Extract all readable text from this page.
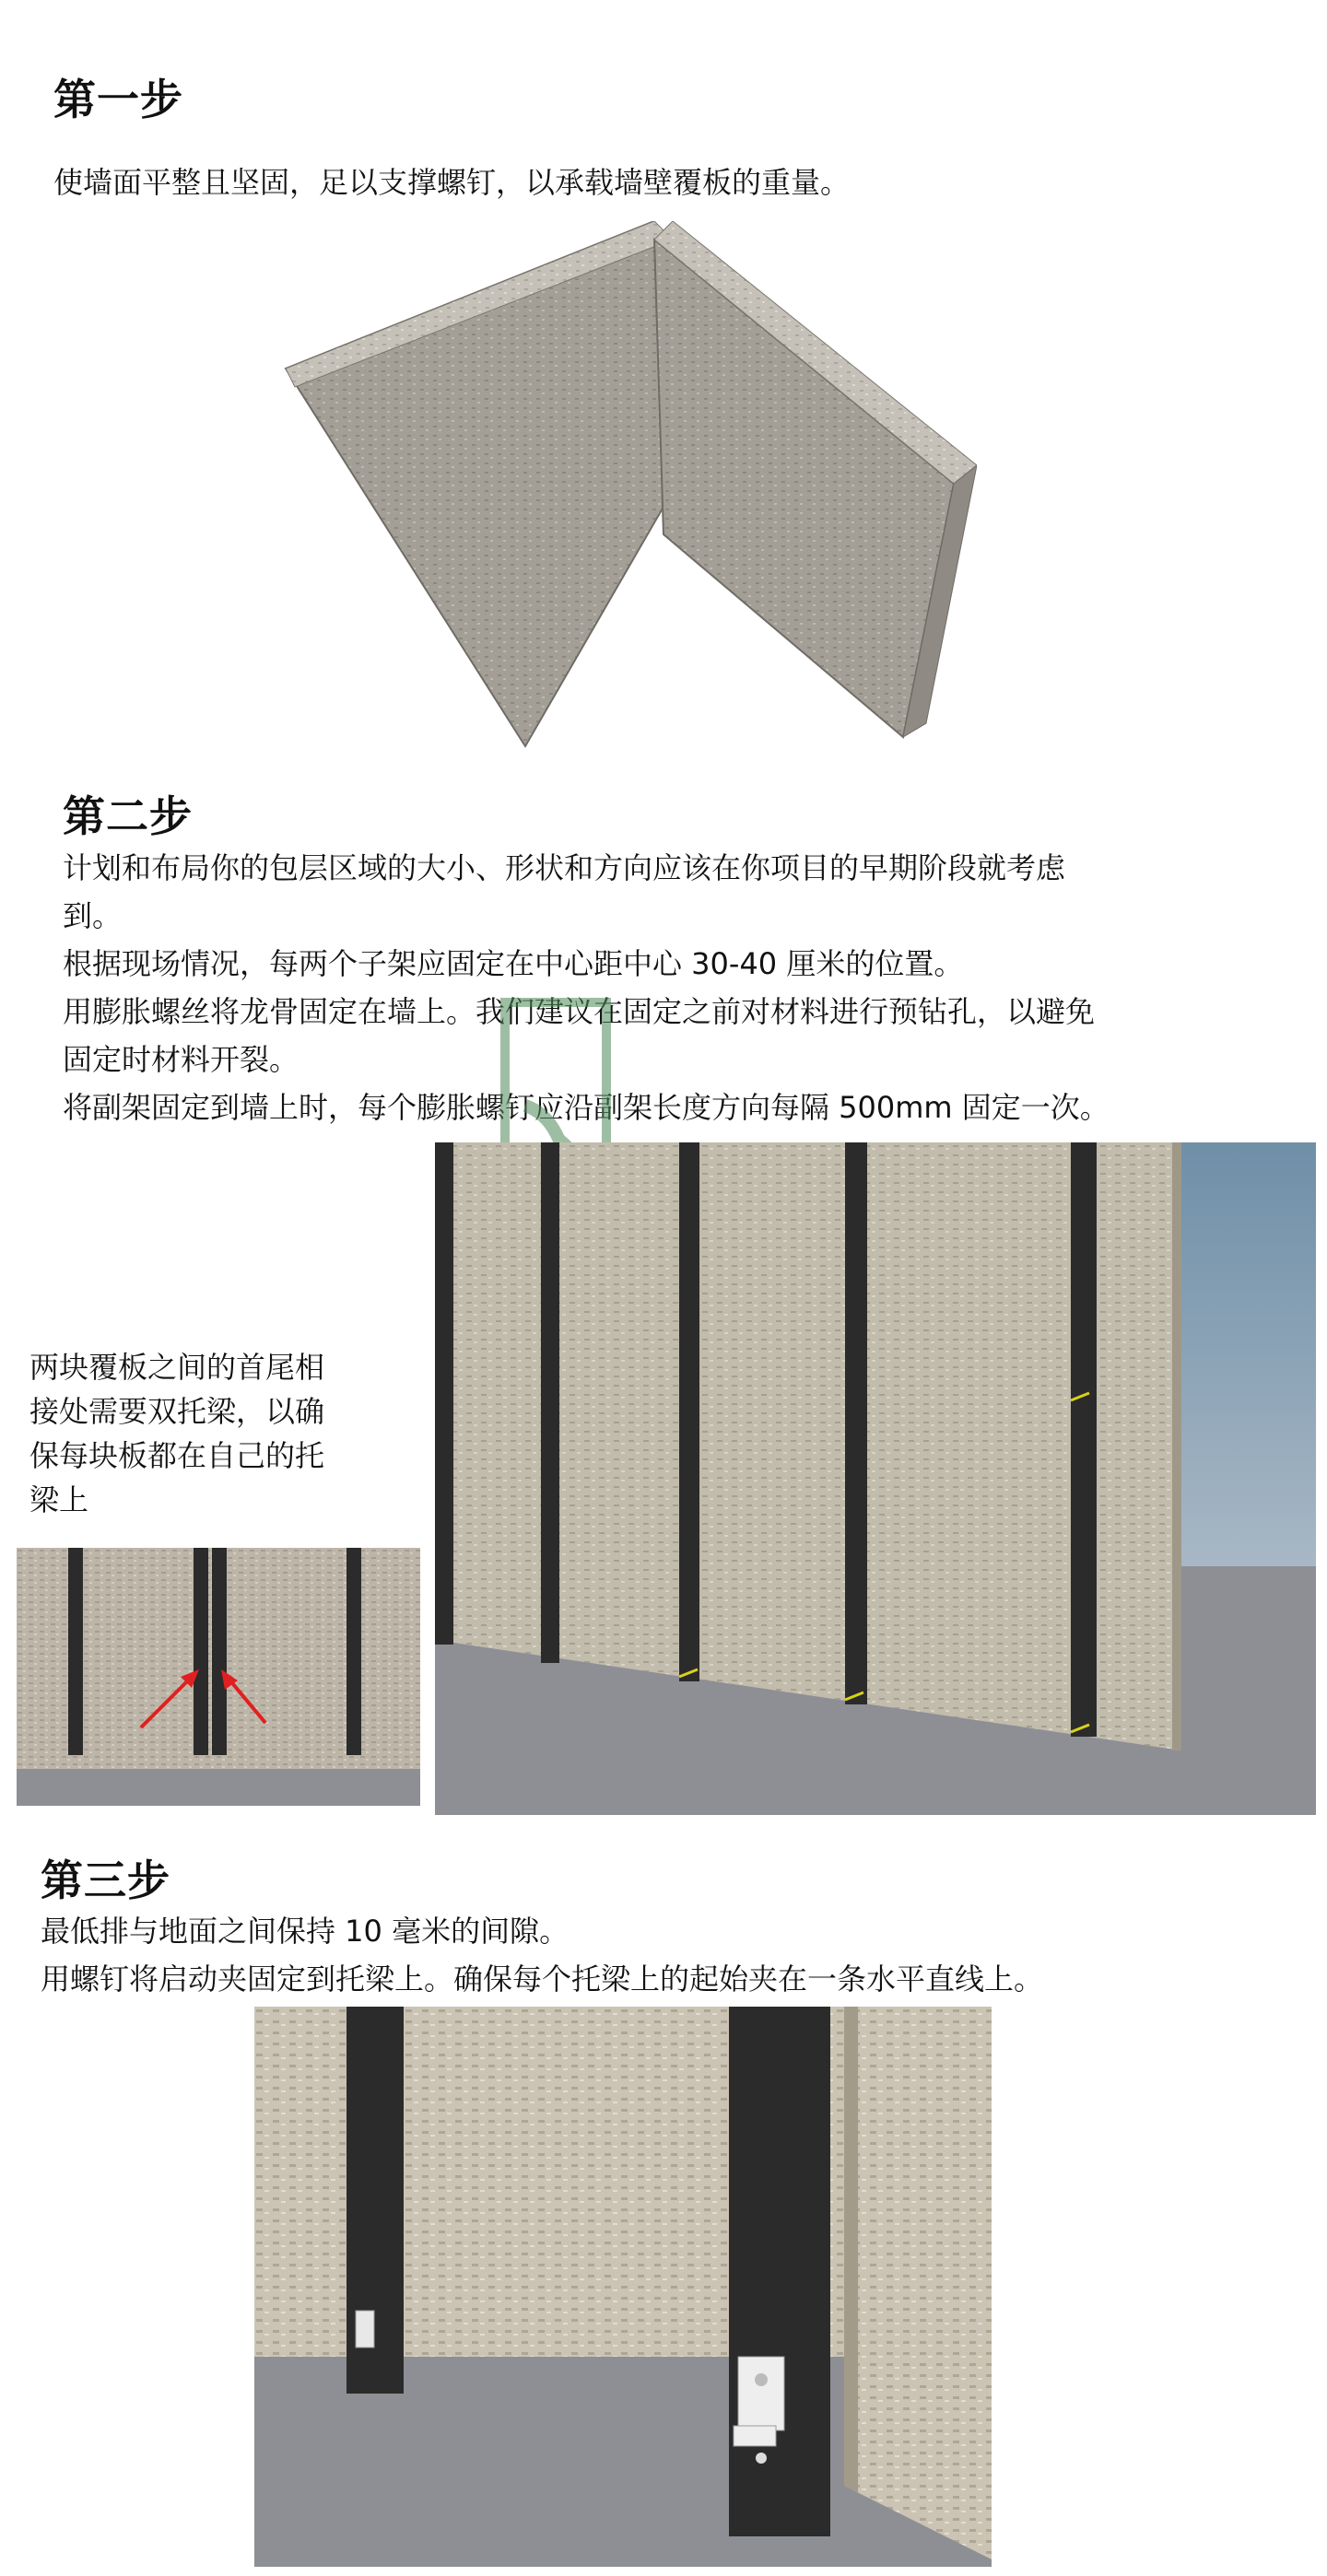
第一步
使墙面平整且坚固，足以支撑螺钉，以承载墙壁覆板的重量。
第二步
计划和布局你的包层区域的大小、形状和方向应该在你项目的早期阶段就考虑
到。
根据现场情况，每两个子架应固定在中心距中心 30-40 厘米的位置。
用膨胀螺丝将龙骨固定在墙上。我们建议在固定之前对材料进行预钻孔，以避免
固定时材料开裂。
将副架固定到墙上时，每个膨胀螺钉应沿副架长度方向每隔 500mm 固定一次。
两块覆板之间的首尾相
接处需要双托梁，以确
保每块板都在自己的托
梁上
第三步
最低排与地面之间保持 10 毫米的间隙。
用螺钉将启动夹固定到托梁上。确保每个托梁上的起始夹在一条水平直线上。
